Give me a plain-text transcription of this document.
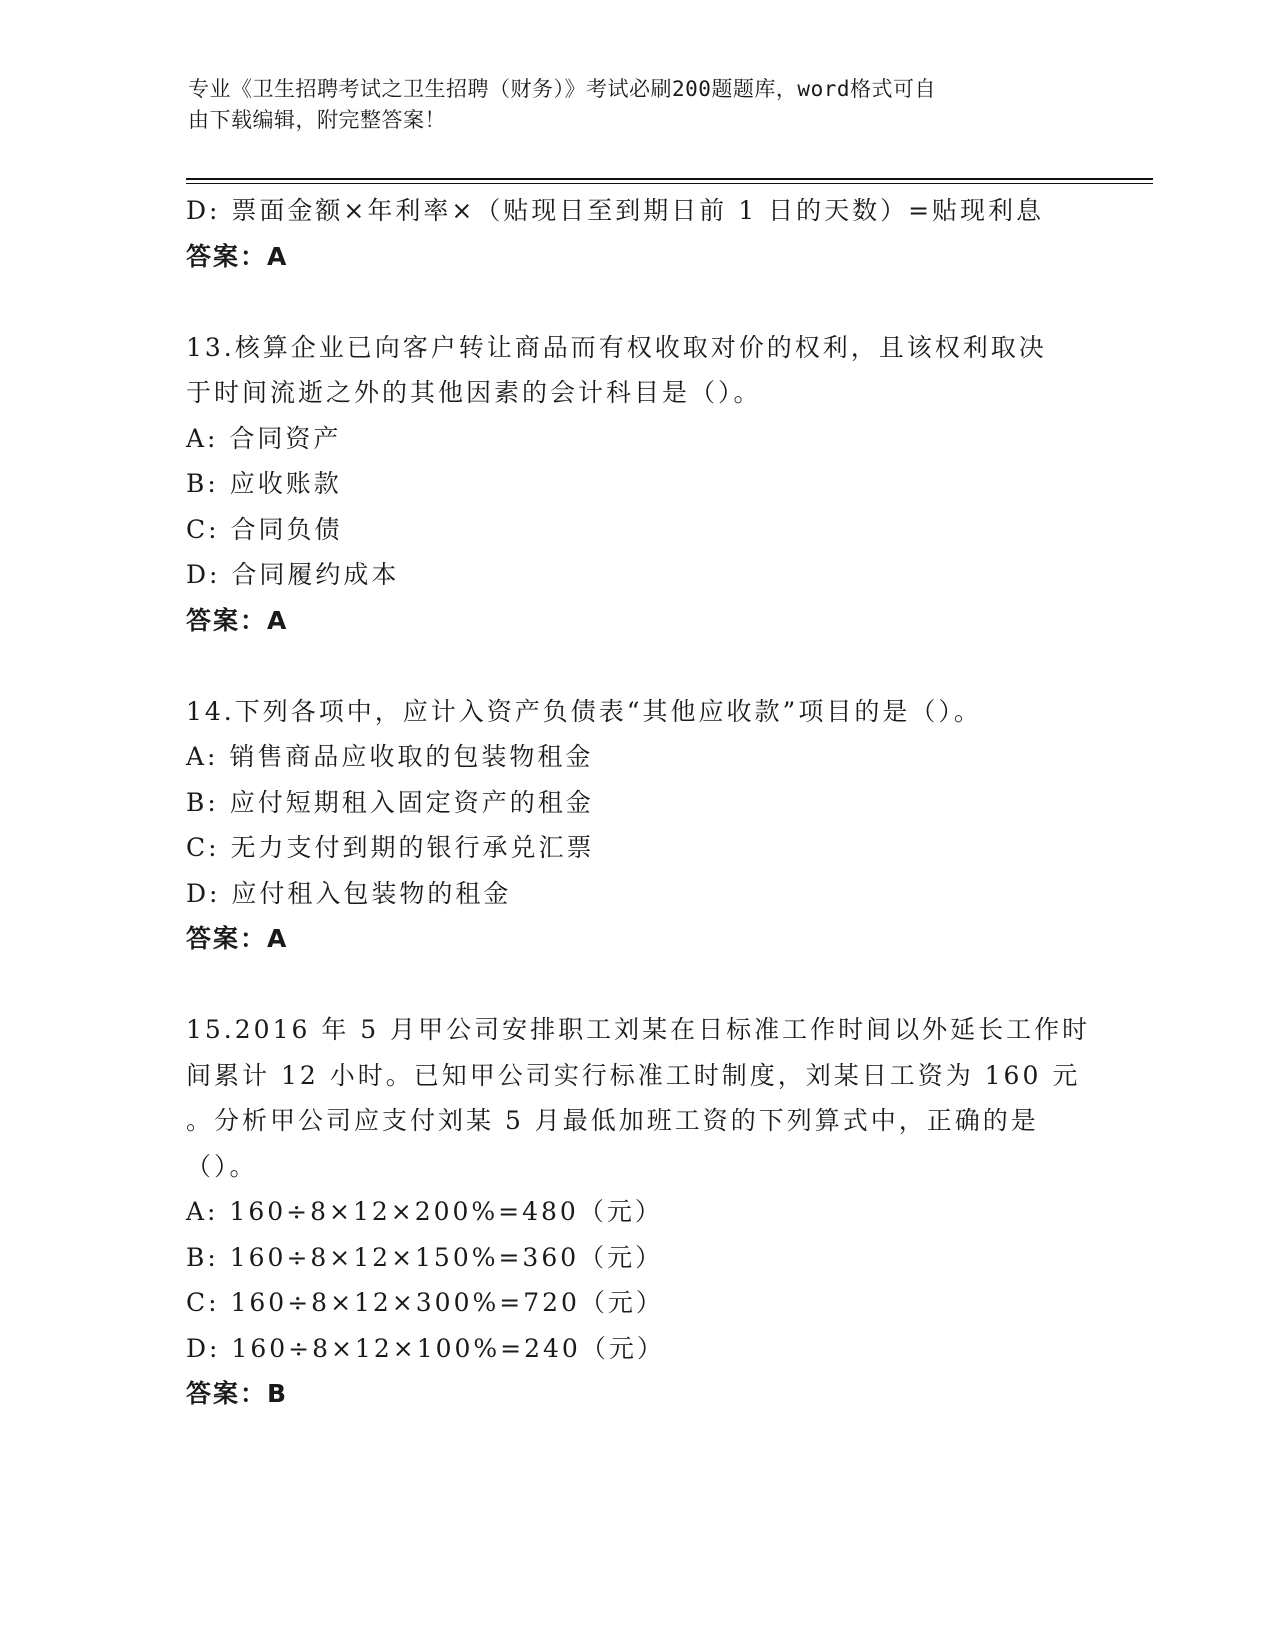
专业《卫生招聘考试之卫生招聘（财务）》考试必刷200题题库，word格式可自
由下载编辑，附完整答案！
D: 票面金额×年利率×（贴现日至到期日前 1 日的天数）=贴现利息
答案：A
13.核算企业已向客户转让商品而有权收取对价的权利，且该权利取决
于时间流逝之外的其他因素的会计科目是（）。
A: 合同资产
B: 应收账款
C: 合同负债
D: 合同履约成本
答案：A
14.下列各项中，应计入资产负债表“其他应收款”项目的是（）。
A: 销售商品应收取的包装物租金
B: 应付短期租入固定资产的租金
C: 无力支付到期的银行承兑汇票
D: 应付租入包装物的租金
答案：A
15.2016 年 5 月甲公司安排职工刘某在日标准工作时间以外延长工作时
间累计 12 小时。已知甲公司实行标准工时制度，刘某日工资为 160 元
。分析甲公司应支付刘某 5 月最低加班工资的下列算式中，正确的是
（）。
A: 160÷8×12×200%=480（元）
B: 160÷8×12×150%=360（元）
C: 160÷8×12×300%=720（元）
D: 160÷8×12×100%=240（元）
答案：B
